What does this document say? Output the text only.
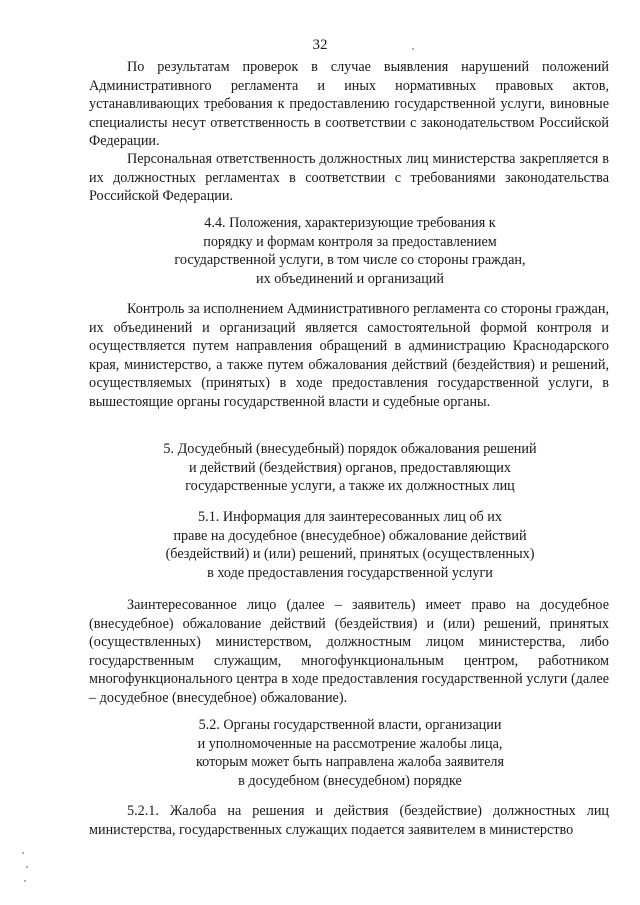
32

По результатам проверок в случае выявления нарушений положений Административного регламента и иных нормативных правовых актов, устанавливающих требования к предоставлению государственной услуги, виновные специалисты несут ответственность в соответствии с законодательством Российской Федерации.

Персональная ответственность должностных лиц министерства закрепляется в их должностных регламентах в соответствии с требованиями законодательства Российской Федерации.

4.4. Положения, характеризующие требования к
порядку и формам контроля за предоставлением
государственной услуги, в том числе со стороны граждан,
их объединений и организаций

Контроль за исполнением Административного регламента со стороны граждан, их объединений и организаций является самостоятельной формой контроля и осуществляется путем направления обращений в администрацию Краснодарского края, министерство, а также путем обжалования действий (бездействия) и решений, осуществляемых (принятых) в ходе предоставления государственной услуги, в вышестоящие органы государственной власти и судебные органы.

5. Досудебный (внесудебный) порядок обжалования решений
и действий (бездействия) органов, предоставляющих
государственные услуги, а также их должностных лиц
5.1. Информация для заинтересованных лиц об их
праве на досудебное (внесудебное) обжалование действий
(бездействий) и (или) решений, принятых (осуществленных)
в ходе предоставления государственной услуги

Заинтересованное лицо (далее – заявитель) имеет право на досудебное (внесудебное) обжалование действий (бездействия) и (или) решений, принятых (осуществленных) министерством, должностным лицом министерства, либо государственным служащим, многофункциональным центром, работником многофункционального центра в ходе предоставления государственной услуги (далее – досудебное (внесудебное) обжалование).

5.2. Органы государственной власти, организации
и уполномоченные на рассмотрение жалобы лица,
которым может быть направлена жалоба заявителя
в досудебном (внесудебном) порядке

5.2.1. Жалоба на решения и действия (бездействие) должностных лиц министерства, государственных служащих подается заявителем в министерство
